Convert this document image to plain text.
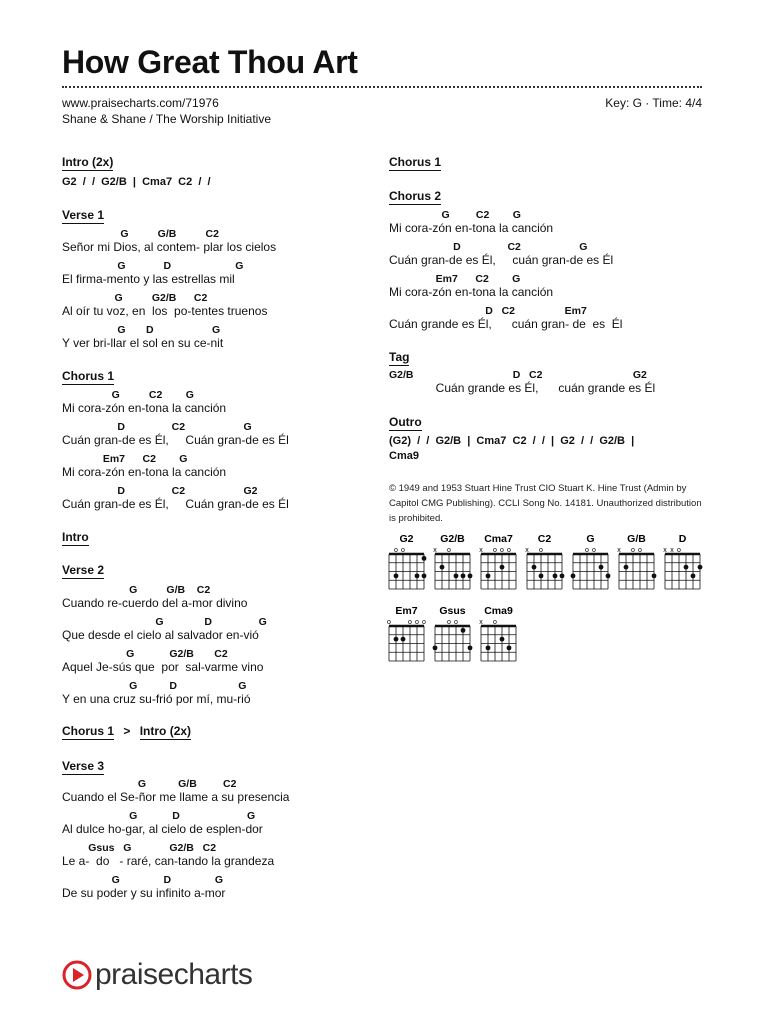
How Great Thou Art
www.praisecharts.com/71976
Shane & Shane / The Worship Initiative
Key: G · Time: 4/4
Intro (2x)
G2  /  /  G2/B  |  Cma7  C2  /  /
Verse 1
G          G/B          C2
Señor mi Dios, al contem- plar los cielos
G             D                      G
El firma-mento y las estrellas mil
G          G2/B      C2
Al oír tu voz, en  los  po-tentes truenos
G       D                    G
Y ver bri-llar el sol en su ce-nit
Chorus 1
G          C2        G
Mi cora-zón en-tona la canción
D                C2                    G
Cuán gran-de es Él,     Cuán gran-de es Él
Em7      C2        G
Mi cora-zón en-tona la canción
D                C2                    G2
Cuán gran-de es Él,     Cuán gran-de es Él
Intro
Verse 2
G          G/B    C2
Cuando re-cuerdo del a-mor divino
G              D                G
Que desde el cielo al salvador en-vió
G            G2/B       C2
Aquel Je-sús que  por  sal-varme vino
G           D                     G
Y en una cruz su-frió por mí, mu-rió
Chorus 1 > Intro (2x)
Verse 3
G           G/B         C2
Cuando el Se-ñor me llame a su presencia
G            D                       G
Al dulce ho-gar, al cielo de esplen-dor
Gsus   G             G2/B   C2
Le a-  do   - raré, can-tando la grandeza
G               D               G
De su poder y su infinito a-mor
Chorus 1
Chorus 2
G         C2        G
Mi cora-zón en-tona la canción
D                C2                    G
Cuán gran-de es Él,     cuán gran-de es Él
Em7      C2        G
Mi cora-zón en-tona la canción
D   C2                 Em7
Cuán grande es Él,      cuán gran- de  es  Él
Tag
G2/B                                  D   C2                               G2
Cuán grande es Él,      cuán grande es Él
Outro
(G2)  /  /  G2/B  |  Cma7  C2  /  /  |  G2  /  /  G2/B  |
Cma9
© 1949 and 1953 Stuart Hine Trust CIO Stuart K. Hine Trust (Admin by Capitol CMG Publishing). CCLI Song No. 14181. Unauthorized distribution is prohibited.
G2
o o
G2/B
x o
Cma7
x o o o
C2
x o
G
o o
G/B
x o o
D
x x o
Em7
o o o o
Gsus
o o
Cma9
x o
praisecharts
